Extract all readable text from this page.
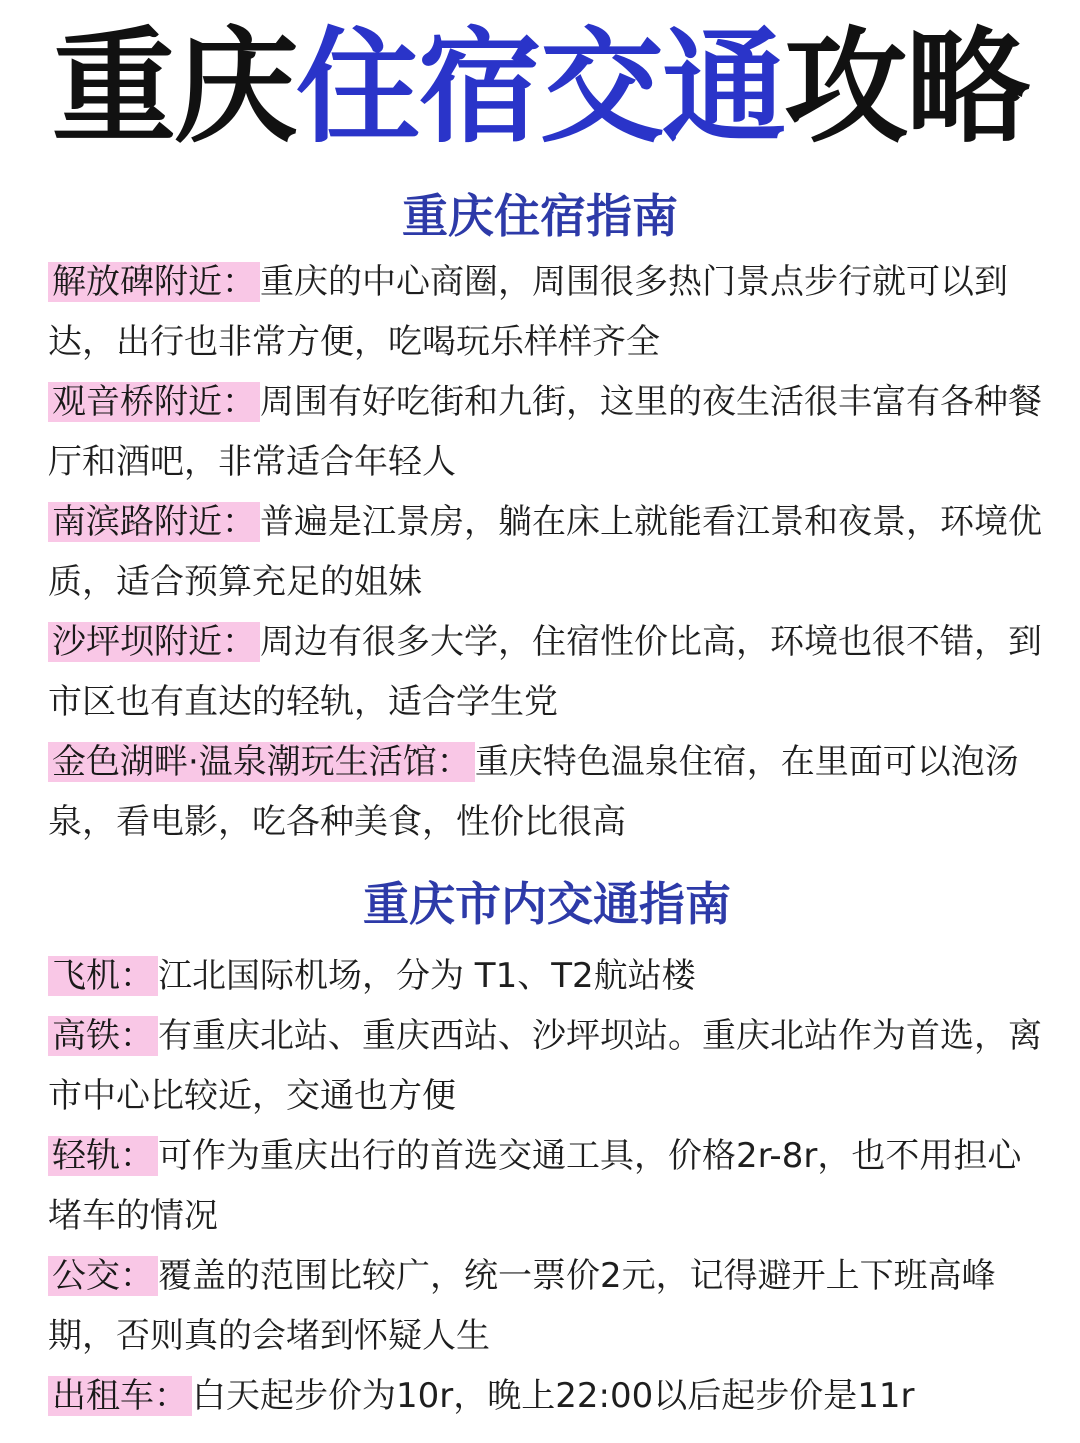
重庆住宿交通攻略
重庆住宿指南
解放碑附近： 重庆的中心商圈，周围很多热门景点步行就可以到达，出行也非常方便，吃喝玩乐样样齐全
观音桥附近： 周围有好吃街和九街，这里的夜生活很丰富有各种餐厅和酒吧，非常适合年轻人
南滨路附近： 普遍是江景房，躺在床上就能看江景和夜景，环境优质，适合预算充足的姐妹
沙坪坝附近： 周边有很多大学，住宿性价比高，环境也很不错，到市区也有直达的轻轨，适合学生党
金色湖畔·温泉潮玩生活馆： 重庆特色温泉住宿，在里面可以泡汤泉，看电影，吃各种美食，性价比很高
重庆市内交通指南
飞机： 江北国际机场，分为 T1、T2航站楼
高铁： 有重庆北站、重庆西站、沙坪坝站。重庆北站作为首选，离市中心比较近，交通也方便
轻轨： 可作为重庆出行的首选交通工具，价格2r-8r，也不用担心堵车的情况
公交： 覆盖的范围比较广，统一票价2元，记得避开上下班高峰期，否则真的会堵到怀疑人生
出租车： 白天起步价为10r，晚上22:00以后起步价是11r
